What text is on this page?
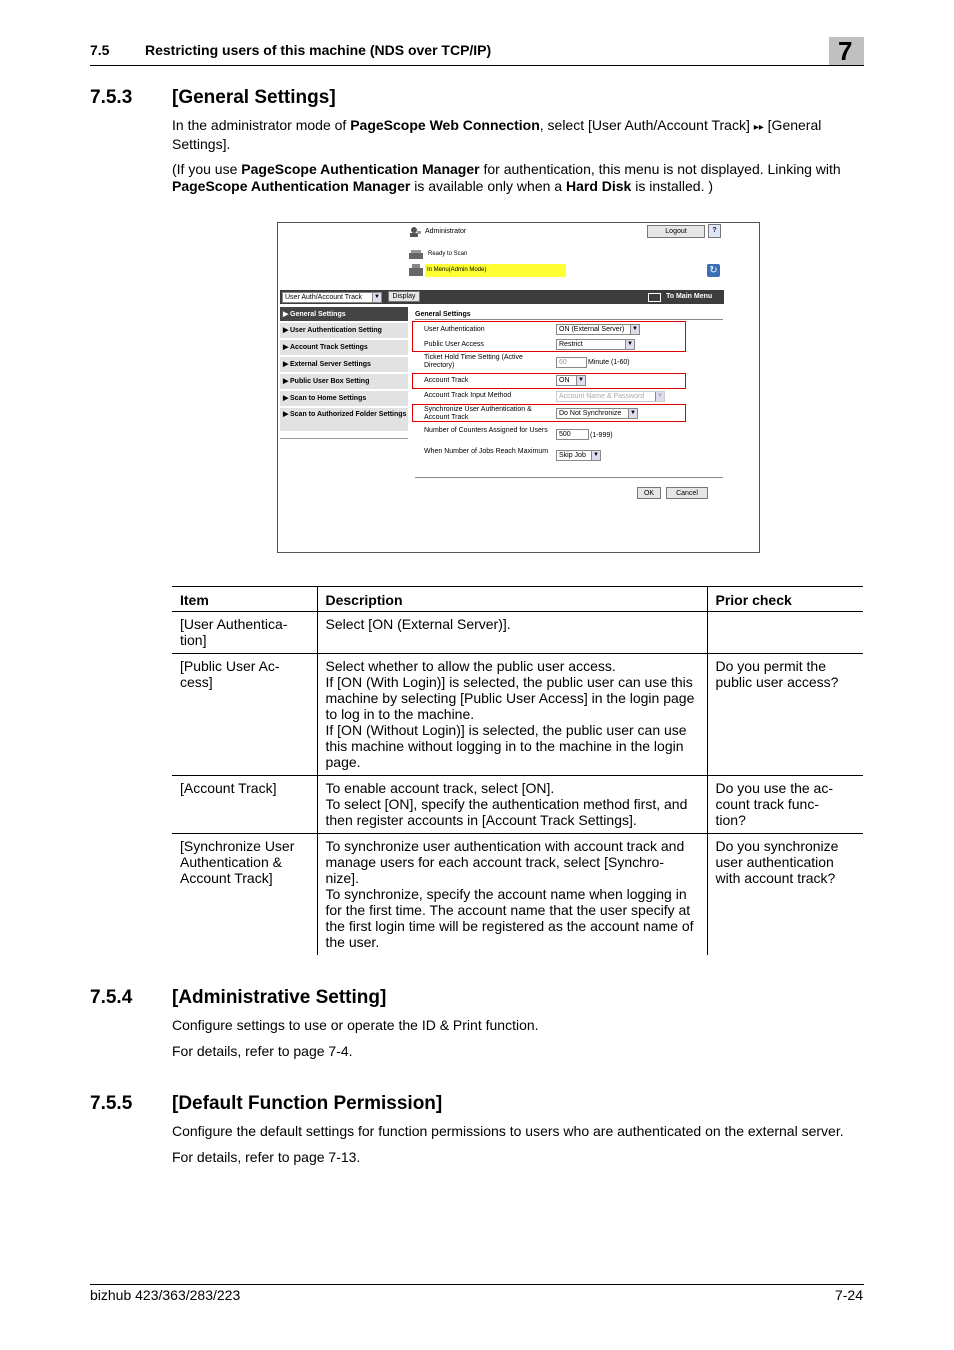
7.5	Restricting users of this machine (NDS over TCP/IP)	7
7.5.3 [General Settings]

In the administrator mode of PageScope Web Connection, select [User Auth/Account Track] ▸▸ [General Settings].

(If you use PageScope Authentication Manager for authentication, this menu is not displayed. Linking with PageScope Authentication Manager is available only when a Hard Disk is installed. )

Administrator	Logout	?
Ready to Scan
In Menu(Admin Mode)	↻
User Auth/Account Track	▼	Display	To Main Menu
▶ General Settings
▶ User Authentication Setting
▶ Account Track Settings
▶ External Server Settings
▶ Public User Box Setting
▶ Scan to Home Settings
▶ Scan to Authorized Folder Settings
General Settings
User Authentication	ON (External Server)	▼
Public User Access	Restrict	▼
Ticket Hold Time Setting (Active Directory)	60	Minute (1-60)
Account Track	ON	▼
Account Track Input Method	Account Name & Password	▼
Synchronize User Authentication & Account Track
Do Not Synchronize	▼
Number of Counters Assigned for Users
500	(1-999)
When Number of Jobs Reach Maximum
Skip Job	▼
OK	Cancel
Item	Description	Prior check
[User Authentica-
tion]	Select [ON (External Server)].	
[Public User Ac-
cess]	Select whether to allow the public user access.
If [ON (With Login)] is selected, the public user can use this machine by selecting [Public User Access] in the login page to log in to the machine.
If [ON (Without Login)] is selected, the public user can use this machine without logging in to the machine in the login page.	Do you permit the public user access?
[Account Track]	To enable account track, select [ON].
To select [ON], specify the authentication method first, and then register accounts in [Account Track Settings].	Do you use the ac-
count track func-
tion?
[Synchronize User Authentication & Account Track]	To synchronize user authentication with account track and manage users for each account track, select [Synchro-
nize].
To synchronize, specify the account name when logging in for the first time. The account name that the user specify at the first login time will be registered as the account name of the user.	Do you synchronize user authentication with account track?
7.5.4 [Administrative Setting]

Configure settings to use or operate the ID & Print function.

For details, refer to page 7-4.

7.5.5 [Default Function Permission]

Configure the default settings for function permissions to users who are authenticated on the external server.

For details, refer to page 7-13.

bizhub 423/363/283/223	7-24
